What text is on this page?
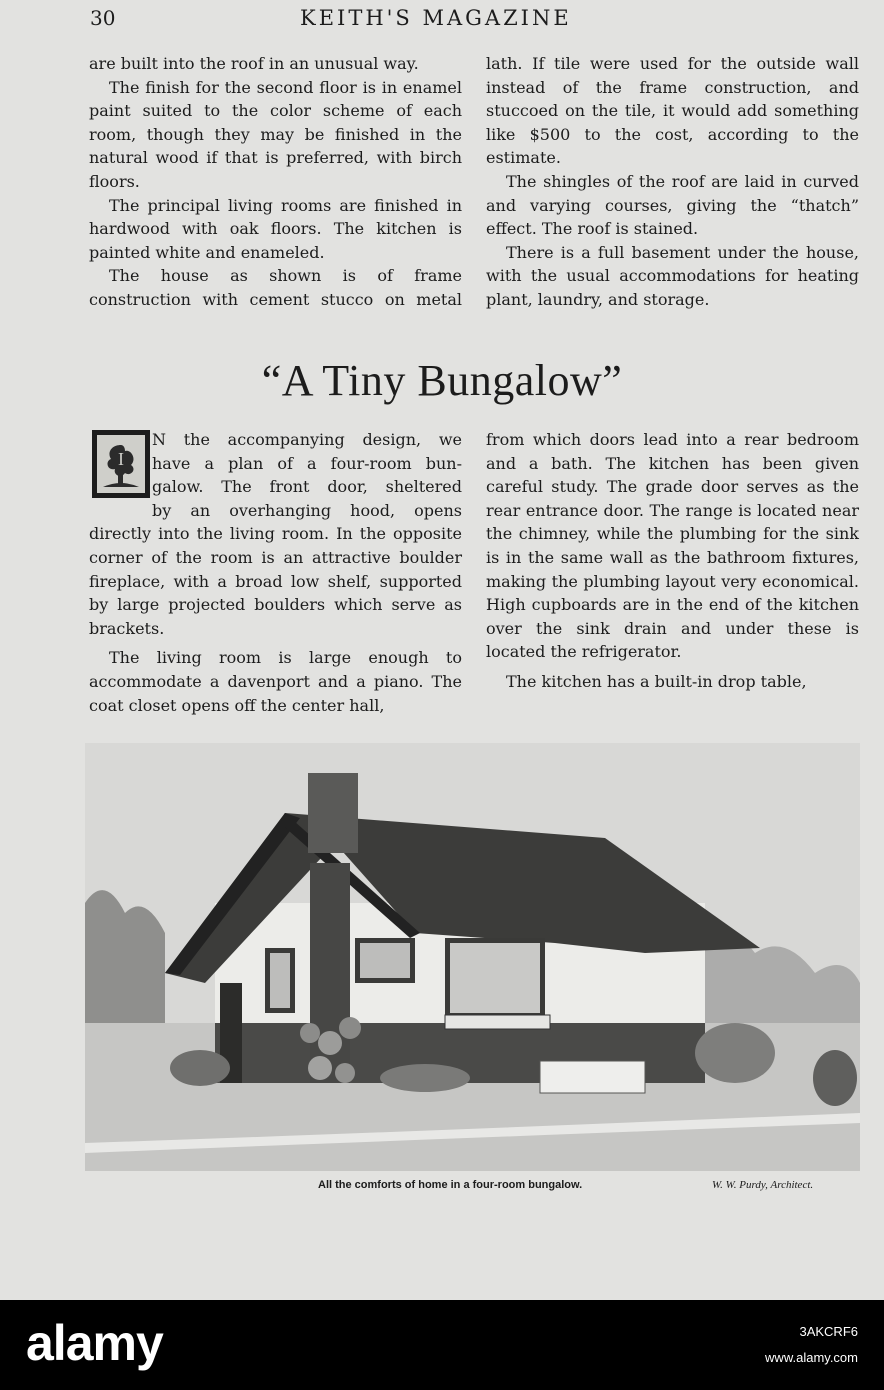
30	KEITH'S MAGAZINE

are built into the roof in an unusual way.

The finish for the second floor is in enamel paint suited to the color scheme of each room, though they may be finished in the natural wood if that is preferred, with birch floors.

The principal living rooms are finished in hardwood with oak floors. The kitchen is painted white and enameled.

The house as shown is of frame construction with cement stucco on metal

lath. If tile were used for the outside wall instead of the frame construction, and stuccoed on the tile, it would add something like $500 to the cost, according to the estimate.

The shingles of the roof are laid in curved and varying courses, giving the “thatch” effect. The roof is stained.

There is a full basement under the house, with the usual accommodations for heating plant, laundry, and storage.

“A Tiny Bungalow”
I
N the accompanying design, we
have a plan of a four-room bun-
galow. The front door, sheltered
by an overhanging hood, opens

directly into the living room. In the opposite corner of the room is an attractive boulder fireplace, with a broad low shelf, supported by large projected boulders which serve as brackets.

The living room is large enough to accommodate a davenport and a piano. The coat closet opens off the center hall,

from which doors lead into a rear bedroom and a bath. The kitchen has been given careful study. The grade door serves as the rear entrance door. The range is located near the chimney, while the plumbing for the sink is in the same wall as the bathroom fixtures, making the plumbing layout very economical. High cupboards are in the end of the kitchen over the sink drain and under these is located the refrigerator.

The kitchen has a built-in drop table,

All the comforts of home in a four-room bungalow.	W. W. Purdy, Architect.
alamy	3AKCRF6
www.alamy.com
